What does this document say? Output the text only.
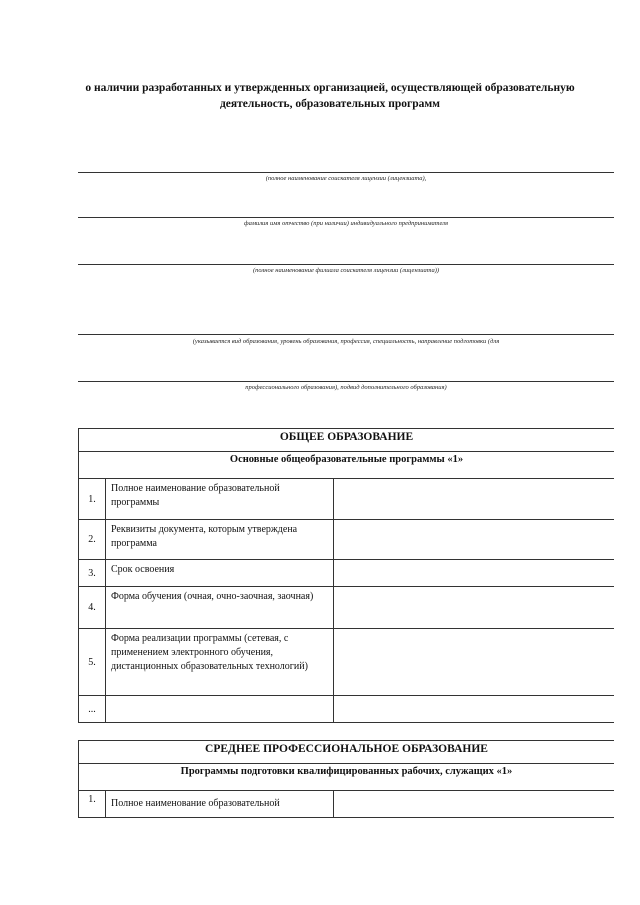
о наличии разработанных и утвержденных организацией, осуществляющей образовательную деятельность, образовательных программ
(полное наименование соискателя лицензии (лицензиата),
фамилия имя отчество (при наличии) индивидуального предпринимателя
(полное наименование филиала соискателя лицензии (лицензиата))
(указывается вид образования, уровень образования, профессия, специальность, направление подготовки (для
профессионального образования), подвид дополнительного образования)
ОБЩЕЕ ОБРАЗОВАНИЕ
Основные общеобразовательные программы «1»
1.
Полное наименование образовательной программы
2.
Реквизиты документа, которым утверждена программа
3.	Срок освоения
4.
Форма обучения (очная, очно-заочная, заочная)
5.
Форма реализации программы (сетевая, с применением электронного обучения, дистанционных образовательных технологий)
...
СРЕДНЕЕ ПРОФЕССИОНАЛЬНОЕ ОБРАЗОВАНИЕ
Программы подготовки квалифицированных рабочих, служащих «1»
1.	Полное наименование образовательной
